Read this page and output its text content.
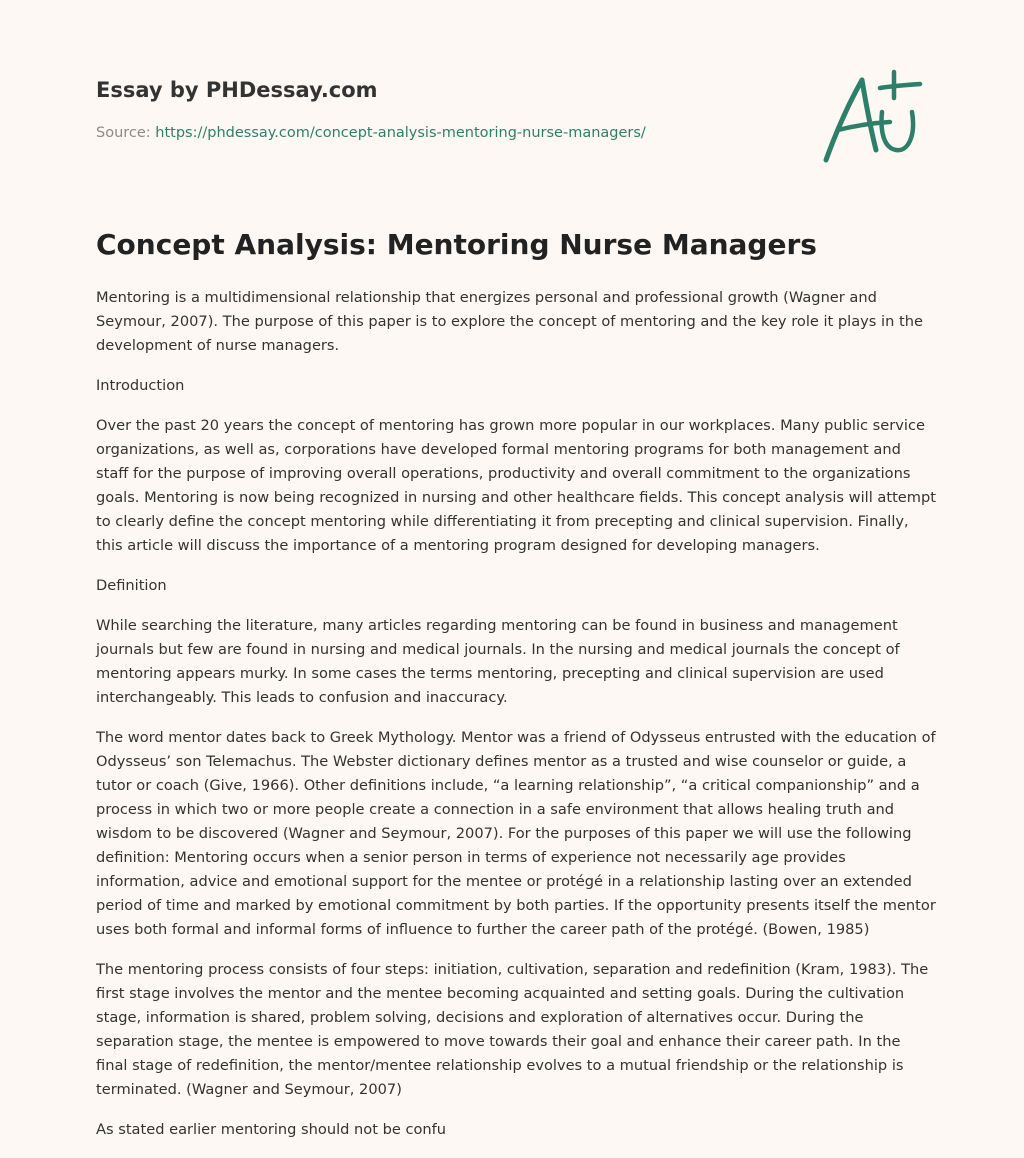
Essay by PHDessay.com
Source: https://phdessay.com/concept-analysis-mentoring-nurse-managers/
Concept Analysis: Mentoring Nurse Managers

Mentoring is a multidimensional relationship that energizes personal and professional growth (Wagner and Seymour, 2007). The purpose of this paper is to explore the concept of mentoring and the key role it plays in the development of nurse managers.

Introduction

Over the past 20 years the concept of mentoring has grown more popular in our workplaces. Many public service organizations, as well as, corporations have developed formal mentoring programs for both management and staff for the purpose of improving overall operations, productivity and overall commitment to the organizations goals. Mentoring is now being recognized in nursing and other healthcare fields. This concept analysis will attempt to clearly define the concept mentoring while differentiating it from precepting and clinical supervision. Finally, this article will discuss the importance of a mentoring program designed for developing managers.

Definition

While searching the literature, many articles regarding mentoring can be found in business and management journals but few are found in nursing and medical journals. In the nursing and medical journals the concept of mentoring appears murky. In some cases the terms mentoring, precepting and clinical supervision are used interchangeably. This leads to confusion and inaccuracy.

The word mentor dates back to Greek Mythology. Mentor was a friend of Odysseus entrusted with the education of Odysseus’ son Telemachus. The Webster dictionary defines mentor as a trusted and wise counselor or guide, a tutor or coach (Give, 1966). Other definitions include, “a learning relationship”, “a critical companionship” and a process in which two or more people create a connection in a safe environment that allows healing truth and wisdom to be discovered (Wagner and Seymour, 2007). For the purposes of this paper we will use the following definition: Mentoring occurs when a senior person in terms of experience not necessarily age provides information, advice and emotional support for the mentee or protégé in a relationship lasting over an extended period of time and marked by emotional commitment by both parties. If the opportunity presents itself the mentor uses both formal and informal forms of influence to further the career path of the protégé. (Bowen, 1985)

The mentoring process consists of four steps: initiation, cultivation, separation and redefinition (Kram, 1983). The first stage involves the mentor and the mentee becoming acquainted and setting goals. During the cultivation stage, information is shared, problem solving, decisions and exploration of alternatives occur. During the separation stage, the mentee is empowered to move towards their goal and enhance their career path. In the final stage of redefinition, the mentor/mentee relationship evolves to a mutual friendship or the relationship is terminated. (Wagner and Seymour, 2007)

As stated earlier mentoring should not be confu
